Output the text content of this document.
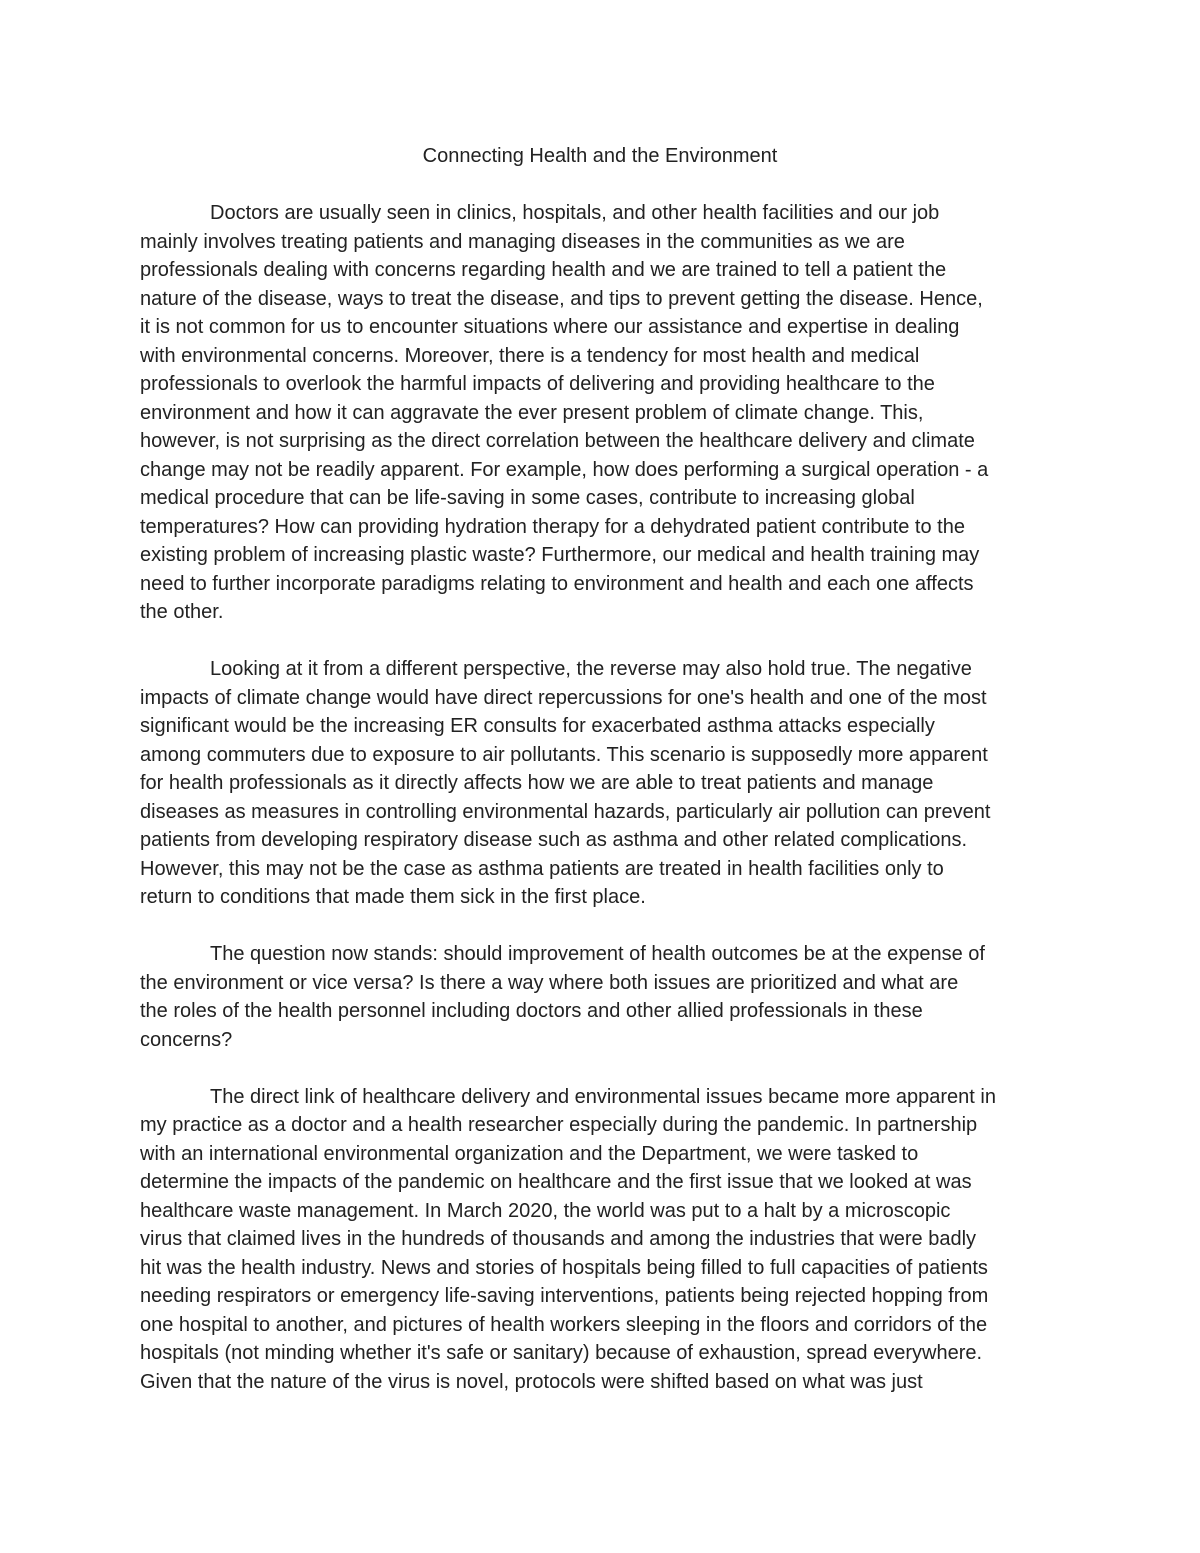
Connecting Health and the Environment

Doctors are usually seen in clinics, hospitals, and other health facilities and our job
mainly involves treating patients and managing diseases in the communities as we are
professionals dealing with concerns regarding health and we are trained to tell a patient the
nature of the disease, ways to treat the disease, and tips to prevent getting the disease. Hence,
it is not common for us to encounter situations where our assistance and expertise in dealing
with environmental concerns. Moreover, there is a tendency for most health and medical
professionals to overlook the harmful impacts of delivering and providing healthcare to the
environment and how it can aggravate the ever present problem of climate change. This,
however, is not surprising as the direct correlation between the healthcare delivery and climate
change may not be readily apparent. For example, how does performing a surgical operation - a
medical procedure that can be life-saving in some cases, contribute to increasing global
temperatures? How can providing hydration therapy for a dehydrated patient contribute to the
existing problem of increasing plastic waste? Furthermore, our medical and health training may
need to further incorporate paradigms relating to environment and health and each one affects
the other.

Looking at it from a different perspective, the reverse may also hold true. The negative
impacts of climate change would have direct repercussions for one's health and one of the most
significant would be the increasing ER consults for exacerbated asthma attacks especially
among commuters due to exposure to air pollutants. This scenario is supposedly more apparent
for health professionals as it directly affects how we are able to treat patients and manage
diseases as measures in controlling environmental hazards, particularly air pollution can prevent
patients from developing respiratory disease such as asthma and other related complications.
However, this may not be the case as asthma patients are treated in health facilities only to
return to conditions that made them sick in the first place.

The question now stands: should improvement of health outcomes be at the expense of
the environment or vice versa? Is there a way where both issues are prioritized and what are
the roles of the health personnel including doctors and other allied professionals in these
concerns?

The direct link of healthcare delivery and environmental issues became more apparent in
my practice as a doctor and a health researcher especially during the pandemic. In partnership
with an international environmental organization and the Department, we were tasked to
determine the impacts of the pandemic on healthcare and the first issue that we looked at was
healthcare waste management. In March 2020, the world was put to a halt by a microscopic
virus that claimed lives in the hundreds of thousands and among the industries that were badly
hit was the health industry. News and stories of hospitals being filled to full capacities of patients
needing respirators or emergency life-saving interventions, patients being rejected hopping from
one hospital to another, and pictures of health workers sleeping in the floors and corridors of the
hospitals (not minding whether it's safe or sanitary) because of exhaustion, spread everywhere.
Given that the nature of the virus is novel, protocols were shifted based on what was just
